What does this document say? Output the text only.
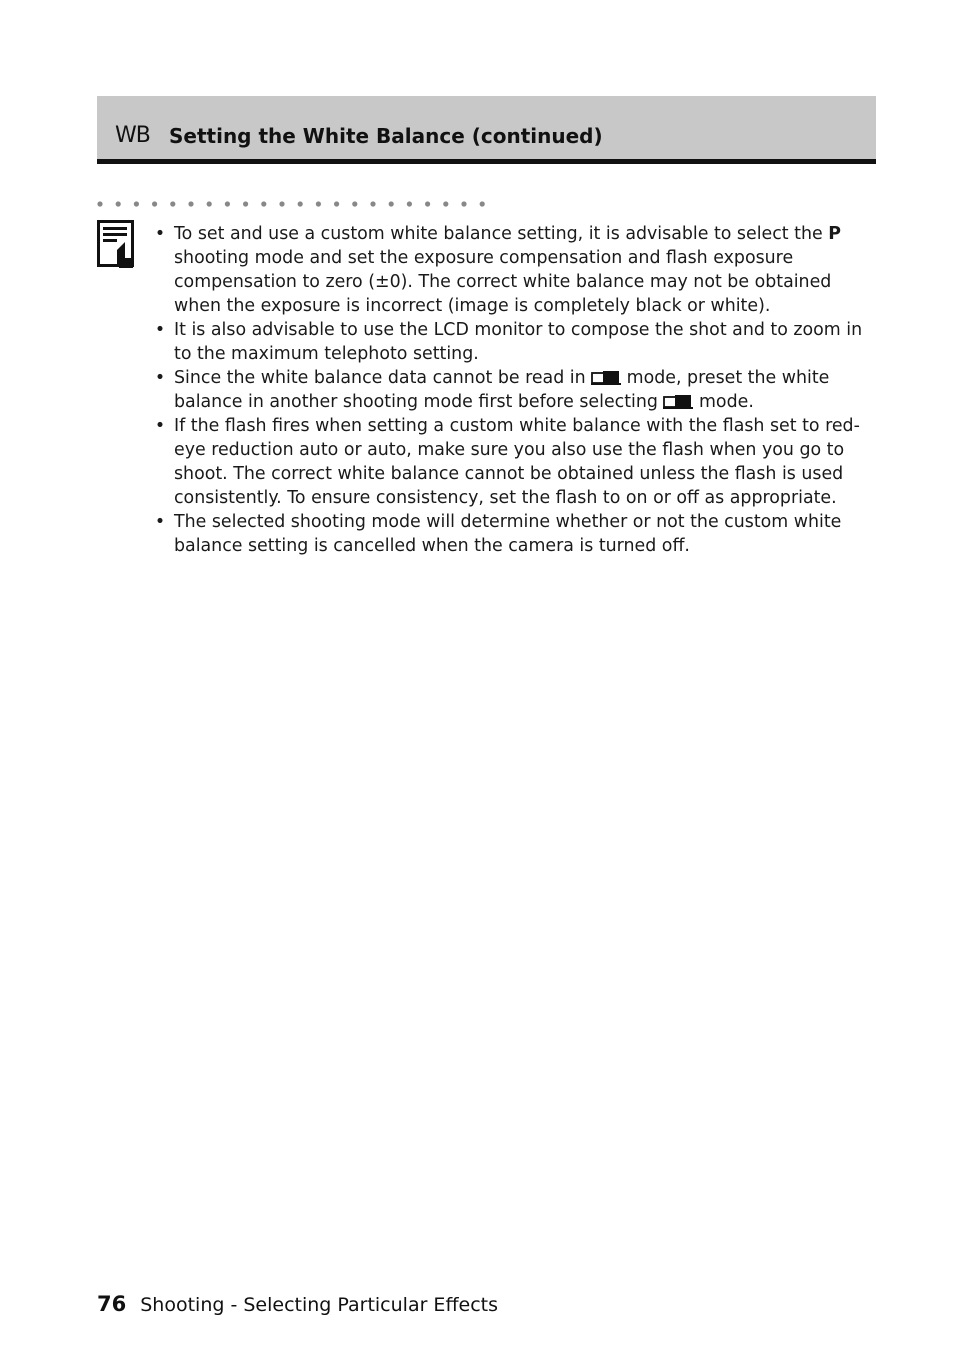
WB Setting the White Balance (continued)
• To set and use a custom white balance setting, it is advisable to select the P shooting mode and set the exposure compensation and flash exposure compensation to zero (±0). The correct white balance may not be obtained when the exposure is incorrect (image is completely black or white).
• It is also advisable to use the LCD monitor to compose the shot and to zoom in to the maximum telephoto setting.
• Since the white balance data cannot be read in  mode, preset the white balance in another shooting mode first before selecting  mode.
• If the flash fires when setting a custom white balance with the flash set to red-eye reduction auto or auto, make sure you also use the flash when you go to shoot. The correct white balance cannot be obtained unless the flash is used consistently. To ensure consistency, set the flash to on or off as appropriate.
• The selected shooting mode will determine whether or not the custom white balance setting is cancelled when the camera is turned off.
76 Shooting - Selecting Particular Effects
